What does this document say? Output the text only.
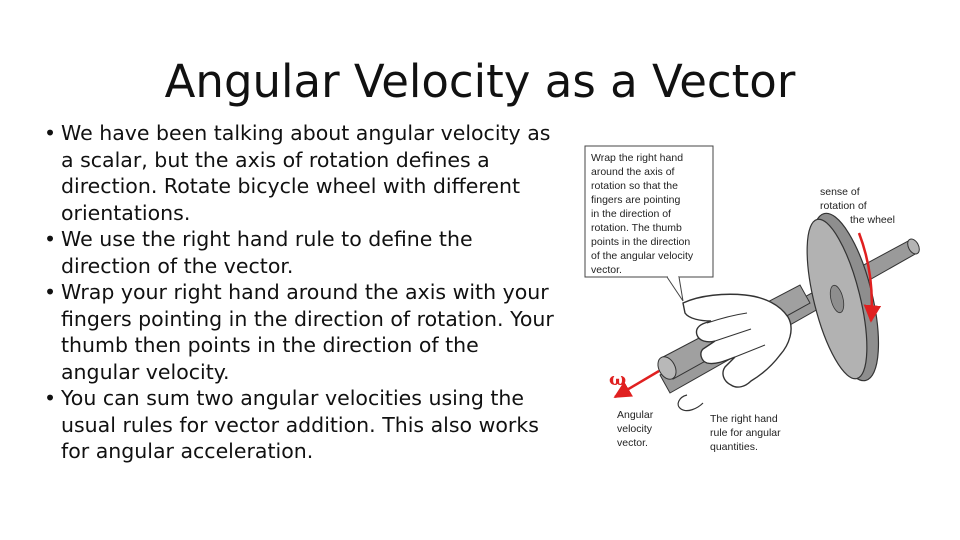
Angular Velocity as a Vector
• We have been talking about angular velocity as a scalar, but the axis of rotation defines a direction. Rotate bicycle wheel with different orientations.
• We use the right hand rule to define the direction of the vector.
• Wrap your right hand around the axis with your fingers pointing in the direction of rotation. Your thumb then points in the direction of the angular velocity.
• You can sum two angular velocities using the usual rules for vector addition. This also works for angular acceleration.
Wrap the right hand around the axis of rotation so that the fingers are pointing in the direction of rotation. The thumb points in the direction of the angular velocity vector.
sense of rotation of the wheel
ω
Angular velocity vector.
The right hand rule for angular quantities.
